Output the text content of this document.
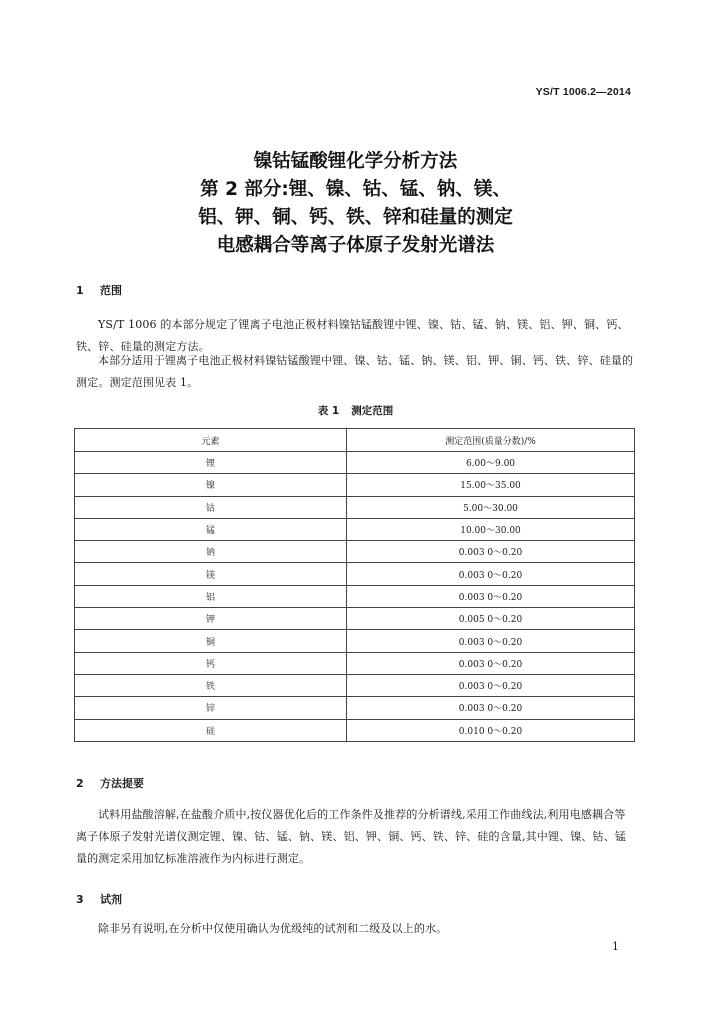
YS/T 1006.2—2014
镍钴锰酸锂化学分析方法
第 2 部分:锂、镍、钴、锰、钠、镁、
铝、钾、铜、钙、铁、锌和硅量的测定
电感耦合等离子体原子发射光谱法
1 范围
YS/T 1006 的本部分规定了锂离子电池正极材料镍钴锰酸锂中锂、镍、钴、锰、钠、镁、铝、钾、铜、钙、铁、锌、硅量的测定方法。
本部分适用于锂离子电池正极材料镍钴锰酸锂中锂、镍、钴、锰、钠、镁、铝、钾、铜、钙、铁、锌、硅量的测定。测定范围见表 1。
表 1 测定范围
元素	测定范围(质量分数)/%
锂	6.00～9.00
镍	15.00～35.00
钴	5.00～30.00
锰	10.00～30.00
钠	0.003 0～0.20
镁	0.003 0～0.20
铝	0.003 0～0.20
钾	0.005 0～0.20
铜	0.003 0～0.20
钙	0.003 0～0.20
铁	0.003 0～0.20
锌	0.003 0～0.20
硅	0.010 0～0.20
2 方法提要
试料用盐酸溶解,在盐酸介质中,按仪器优化后的工作条件及推荐的分析谱线,采用工作曲线法,利用电感耦合等离子体原子发射光谱仪测定锂、镍、钴、锰、钠、镁、铝、钾、铜、钙、铁、锌、硅的含量,其中锂、镍、钴、锰量的测定采用加钇标准溶液作为内标进行测定。
3 试剂
除非另有说明,在分析中仅使用确认为优级纯的试剂和二级及以上的水。
1
